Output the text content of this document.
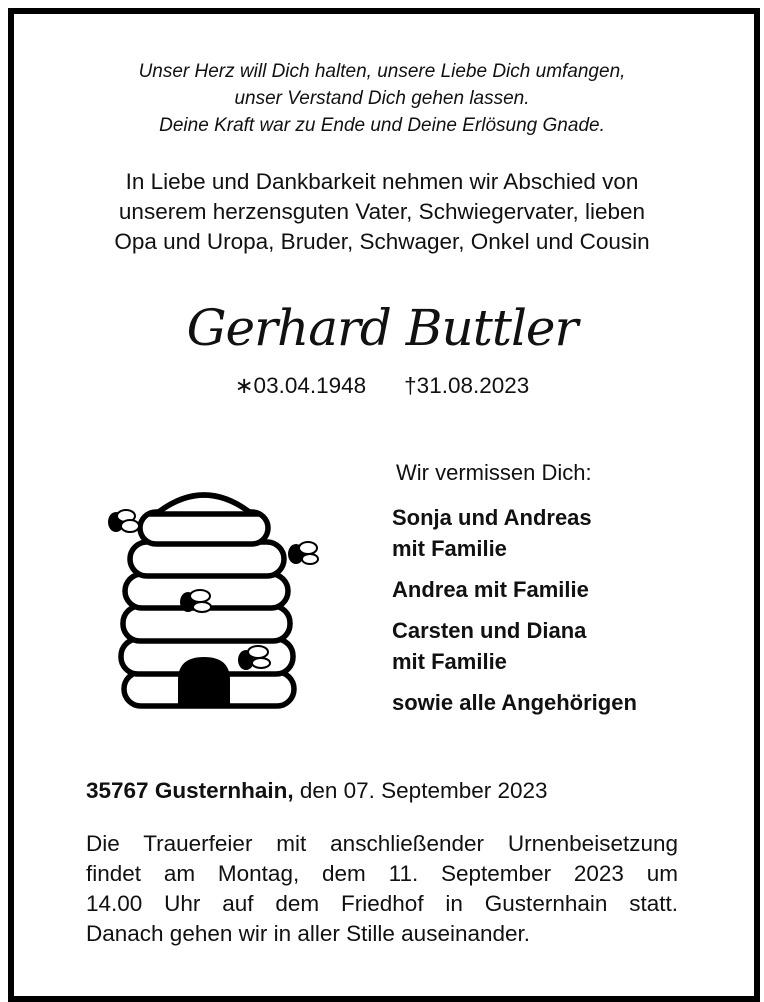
Unser Herz will Dich halten, unsere Liebe Dich umfangen,
unser Verstand Dich gehen lassen.
Deine Kraft war zu Ende und Deine Erlösung Gnade.
In Liebe und Dankbarkeit nehmen wir Abschied von
unserem herzensguten Vater, Schwiegervater, lieben
Opa und Uropa, Bruder, Schwager, Onkel und Cousin
Gerhard Buttler
∗03.04.1948 †31.08.2023
Wir vermissen Dich:
Sonja und Andreas
mit Familie
Andrea mit Familie
Carsten und Diana
mit Familie
sowie alle Angehörigen
35767 Gusternhain, den 07. September 2023
Die Trauerfeier mit anschließender Urnenbeisetzung
findet am Montag, dem 11. September 2023 um
14.00 Uhr auf dem Friedhof in Gusternhain statt.
Danach gehen wir in aller Stille auseinander.
